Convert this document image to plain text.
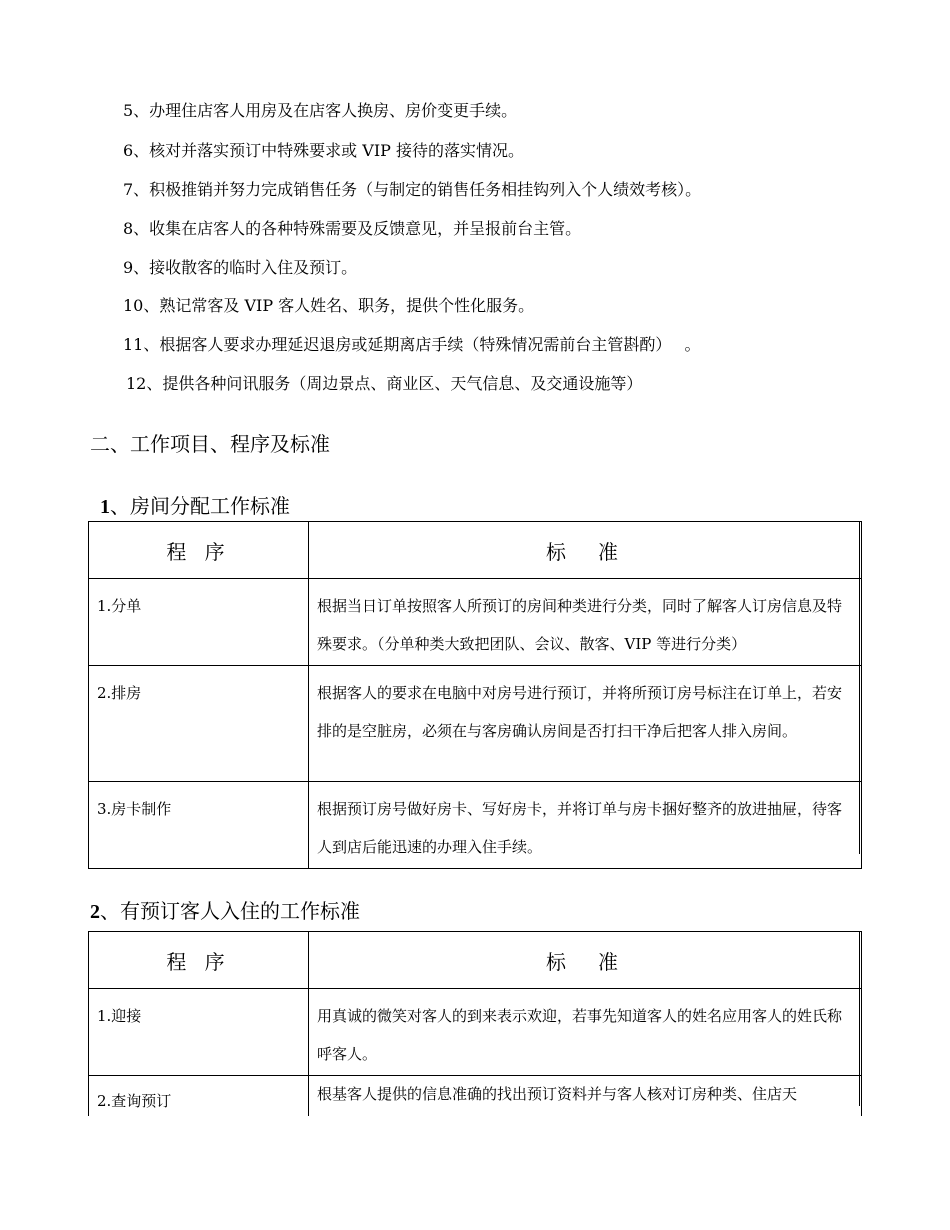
5、办理住店客人用房及在店客人换房、房价变更手续。
6、核对并落实预订中特殊要求或 VIP 接待的落实情况。
7、积极推销并努力完成销售任务（与制定的销售任务相挂钩列入个人绩效考核）。
8、收集在店客人的各种特殊需要及反馈意见，并呈报前台主管。
9、接收散客的临时入住及预订。
10、熟记常客及 VIP 客人姓名、职务，提供个性化服务。
11、根据客人要求办理延迟退房或延期离店手续（特殊情况需前台主管斟酌）　 。
12、提供各种问讯服务（周边景点、商业区、天气信息、及交通设施等）
二、工作项目、程序及标准
1、房间分配工作标准
程 序	标　准
1.分单	根据当日订单按照客人所预订的房间种类进行分类，同时了解客人订房信息及特殊要求。（分单种类大致把团队、会议、散客、VIP 等进行分类）
2.排房	根据客人的要求在电脑中对房号进行预订，并将所预订房号标注在订单上，若安排的是空脏房，必须在与客房确认房间是否打扫干净后把客人排入房间。
3.房卡制作	根据预订房号做好房卡、写好房卡，并将订单与房卡捆好整齐的放进抽屉，待客人到店后能迅速的办理入住手续。
2、有预订客人入住的工作标准
程 序	标　准
1.迎接	用真诚的微笑对客人的到来表示欢迎，若事先知道客人的姓名应用客人的姓氏称呼客人。
2.查询预订	根基客人提供的信息准确的找出预订资料并与客人核对订房种类、住店天
